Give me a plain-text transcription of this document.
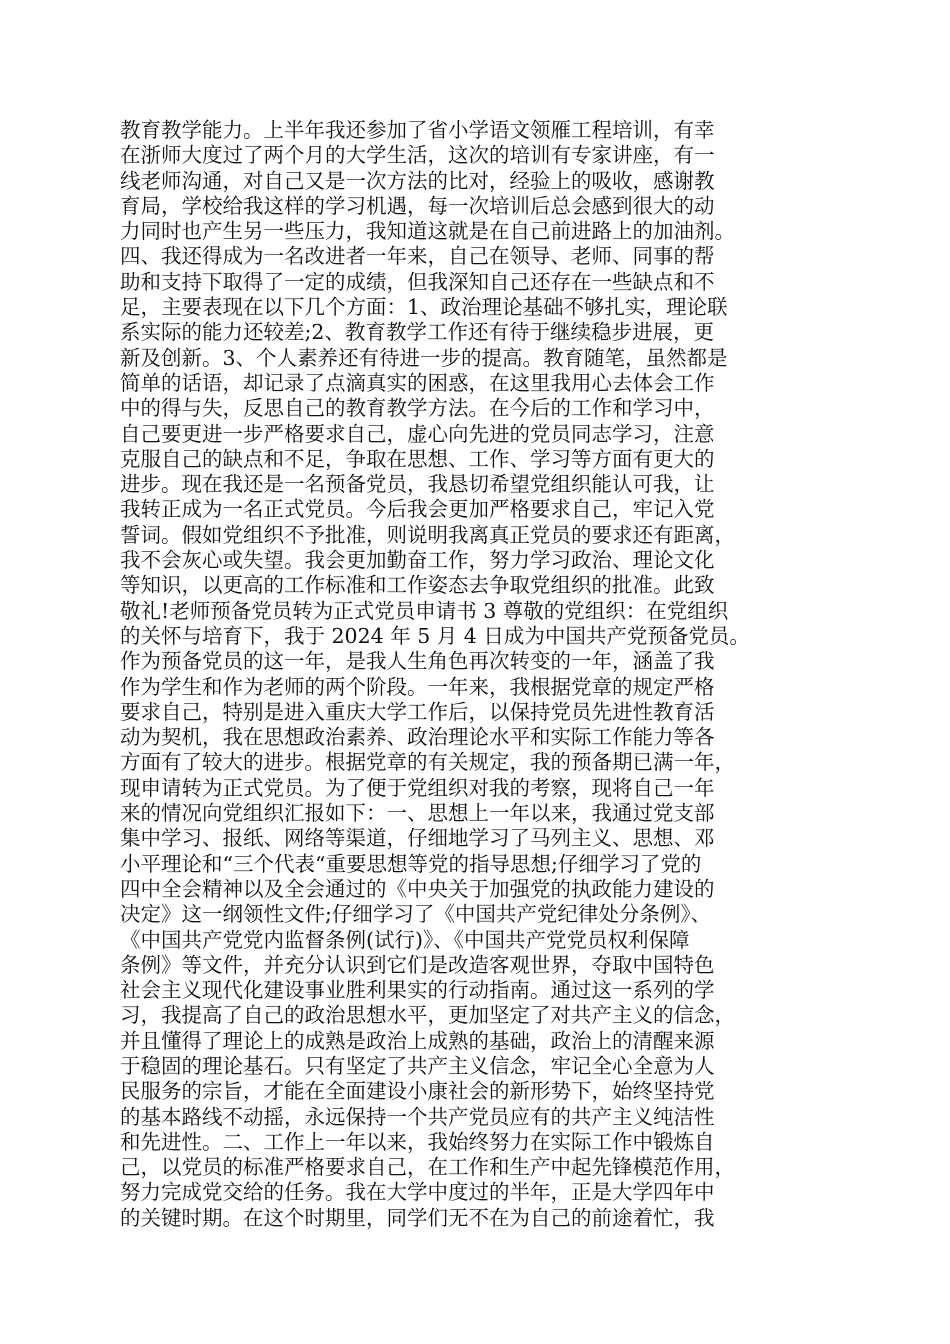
教育教学能力。上半年我还参加了省小学语文领雁工程培训，有幸
在浙师大度过了两个月的大学生活，这次的培训有专家讲座，有一
线老师沟通，对自己又是一次方法的比对，经验上的吸收，感谢教
育局，学校给我这样的学习机遇，每一次培训后总会感到很大的动
力同时也产生另一些压力，我知道这就是在自己前进路上的加油剂。
四、我还得成为一名改进者一年来，自己在领导、老师、同事的帮
助和支持下取得了一定的成绩，但我深知自己还存在一些缺点和不
足，主要表现在以下几个方面：1、政治理论基础不够扎实，理论联
系实际的能力还较差;2、教育教学工作还有待于继续稳步进展，更
新及创新。3、个人素养还有待进一步的提高。教育随笔，虽然都是
简单的话语，却记录了点滴真实的困惑，在这里我用心去体会工作
中的得与失，反思自己的教育教学方法。在今后的工作和学习中，
自己要更进一步严格要求自己，虚心向先进的党员同志学习，注意
克服自己的缺点和不足，争取在思想、工作、学习等方面有更大的
进步。现在我还是一名预备党员，我恳切希望党组织能认可我，让
我转正成为一名正式党员。今后我会更加严格要求自己，牢记入党
誓词。假如党组织不予批准，则说明我离真正党员的要求还有距离，
我不会灰心或失望。我会更加勤奋工作，努力学习政治、理论文化
等知识，以更高的工作标准和工作姿态去争取党组织的批准。此致
敬礼!老师预备党员转为正式党员申请书 3 尊敬的党组织：在党组织
的关怀与培育下，我于 2024 年 5 月 4 日成为中国共产党预备党员。
作为预备党员的这一年，是我人生角色再次转变的一年，涵盖了我
作为学生和作为老师的两个阶段。一年来，我根据党章的规定严格
要求自己，特别是进入重庆大学工作后，以保持党员先进性教育活
动为契机，我在思想政治素养、政治理论水平和实际工作能力等各
方面有了较大的进步。根据党章的有关规定，我的预备期已满一年，
现申请转为正式党员。为了便于党组织对我的考察，现将自己一年
来的情况向党组织汇报如下：一、思想上一年以来，我通过党支部
集中学习、报纸、网络等渠道，仔细地学习了马列主义、思想、邓
小平理论和“三个代表“重要思想等党的指导思想;仔细学习了党的
四中全会精神以及全会通过的《中央关于加强党的执政能力建设的
决定》这一纲领性文件;仔细学习了《中国共产党纪律处分条例》、
《中国共产党党内监督条例(试行)》、《中国共产党党员权利保障
条例》等文件，并充分认识到它们是改造客观世界，夺取中国特色
社会主义现代化建设事业胜利果实的行动指南。通过这一系列的学
习，我提高了自己的政治思想水平，更加坚定了对共产主义的信念，
并且懂得了理论上的成熟是政治上成熟的基础，政治上的清醒来源
于稳固的理论基石。只有坚定了共产主义信念，牢记全心全意为人
民服务的宗旨，才能在全面建设小康社会的新形势下，始终坚持党
的基本路线不动摇，永远保持一个共产党员应有的共产主义纯洁性
和先进性。二、工作上一年以来，我始终努力在实际工作中锻炼自
己，以党员的标准严格要求自己，在工作和生产中起先锋模范作用，
努力完成党交给的任务。我在大学中度过的半年，正是大学四年中
的关键时期。在这个时期里，同学们无不在为自己的前途着忙，我
